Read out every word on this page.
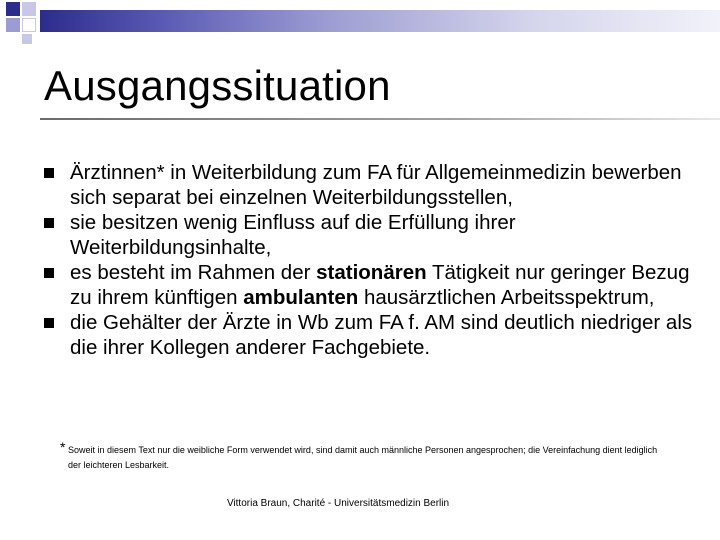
Ausgangssituation
Ärztinnen* in Weiterbildung zum FA für Allgemeinmedizin bewerben sich separat bei einzelnen Weiterbildungsstellen,
sie besitzen wenig Einfluss auf die Erfüllung ihrer Weiterbildungsinhalte,
es besteht im Rahmen der stationären Tätigkeit nur geringer Bezug zu ihrem künftigen ambulanten hausärztlichen Arbeitsspektrum,
die Gehälter der Ärzte in Wb zum FA f. AM sind deutlich niedriger als die ihrer Kollegen anderer Fachgebiete.
* Soweit in diesem Text nur die weibliche Form verwendet wird, sind damit auch männliche Personen angesprochen; die Vereinfachung dient lediglich der leichteren Lesbarkeit.
Vittoria Braun, Charité - Universitätsmedizin Berlin
